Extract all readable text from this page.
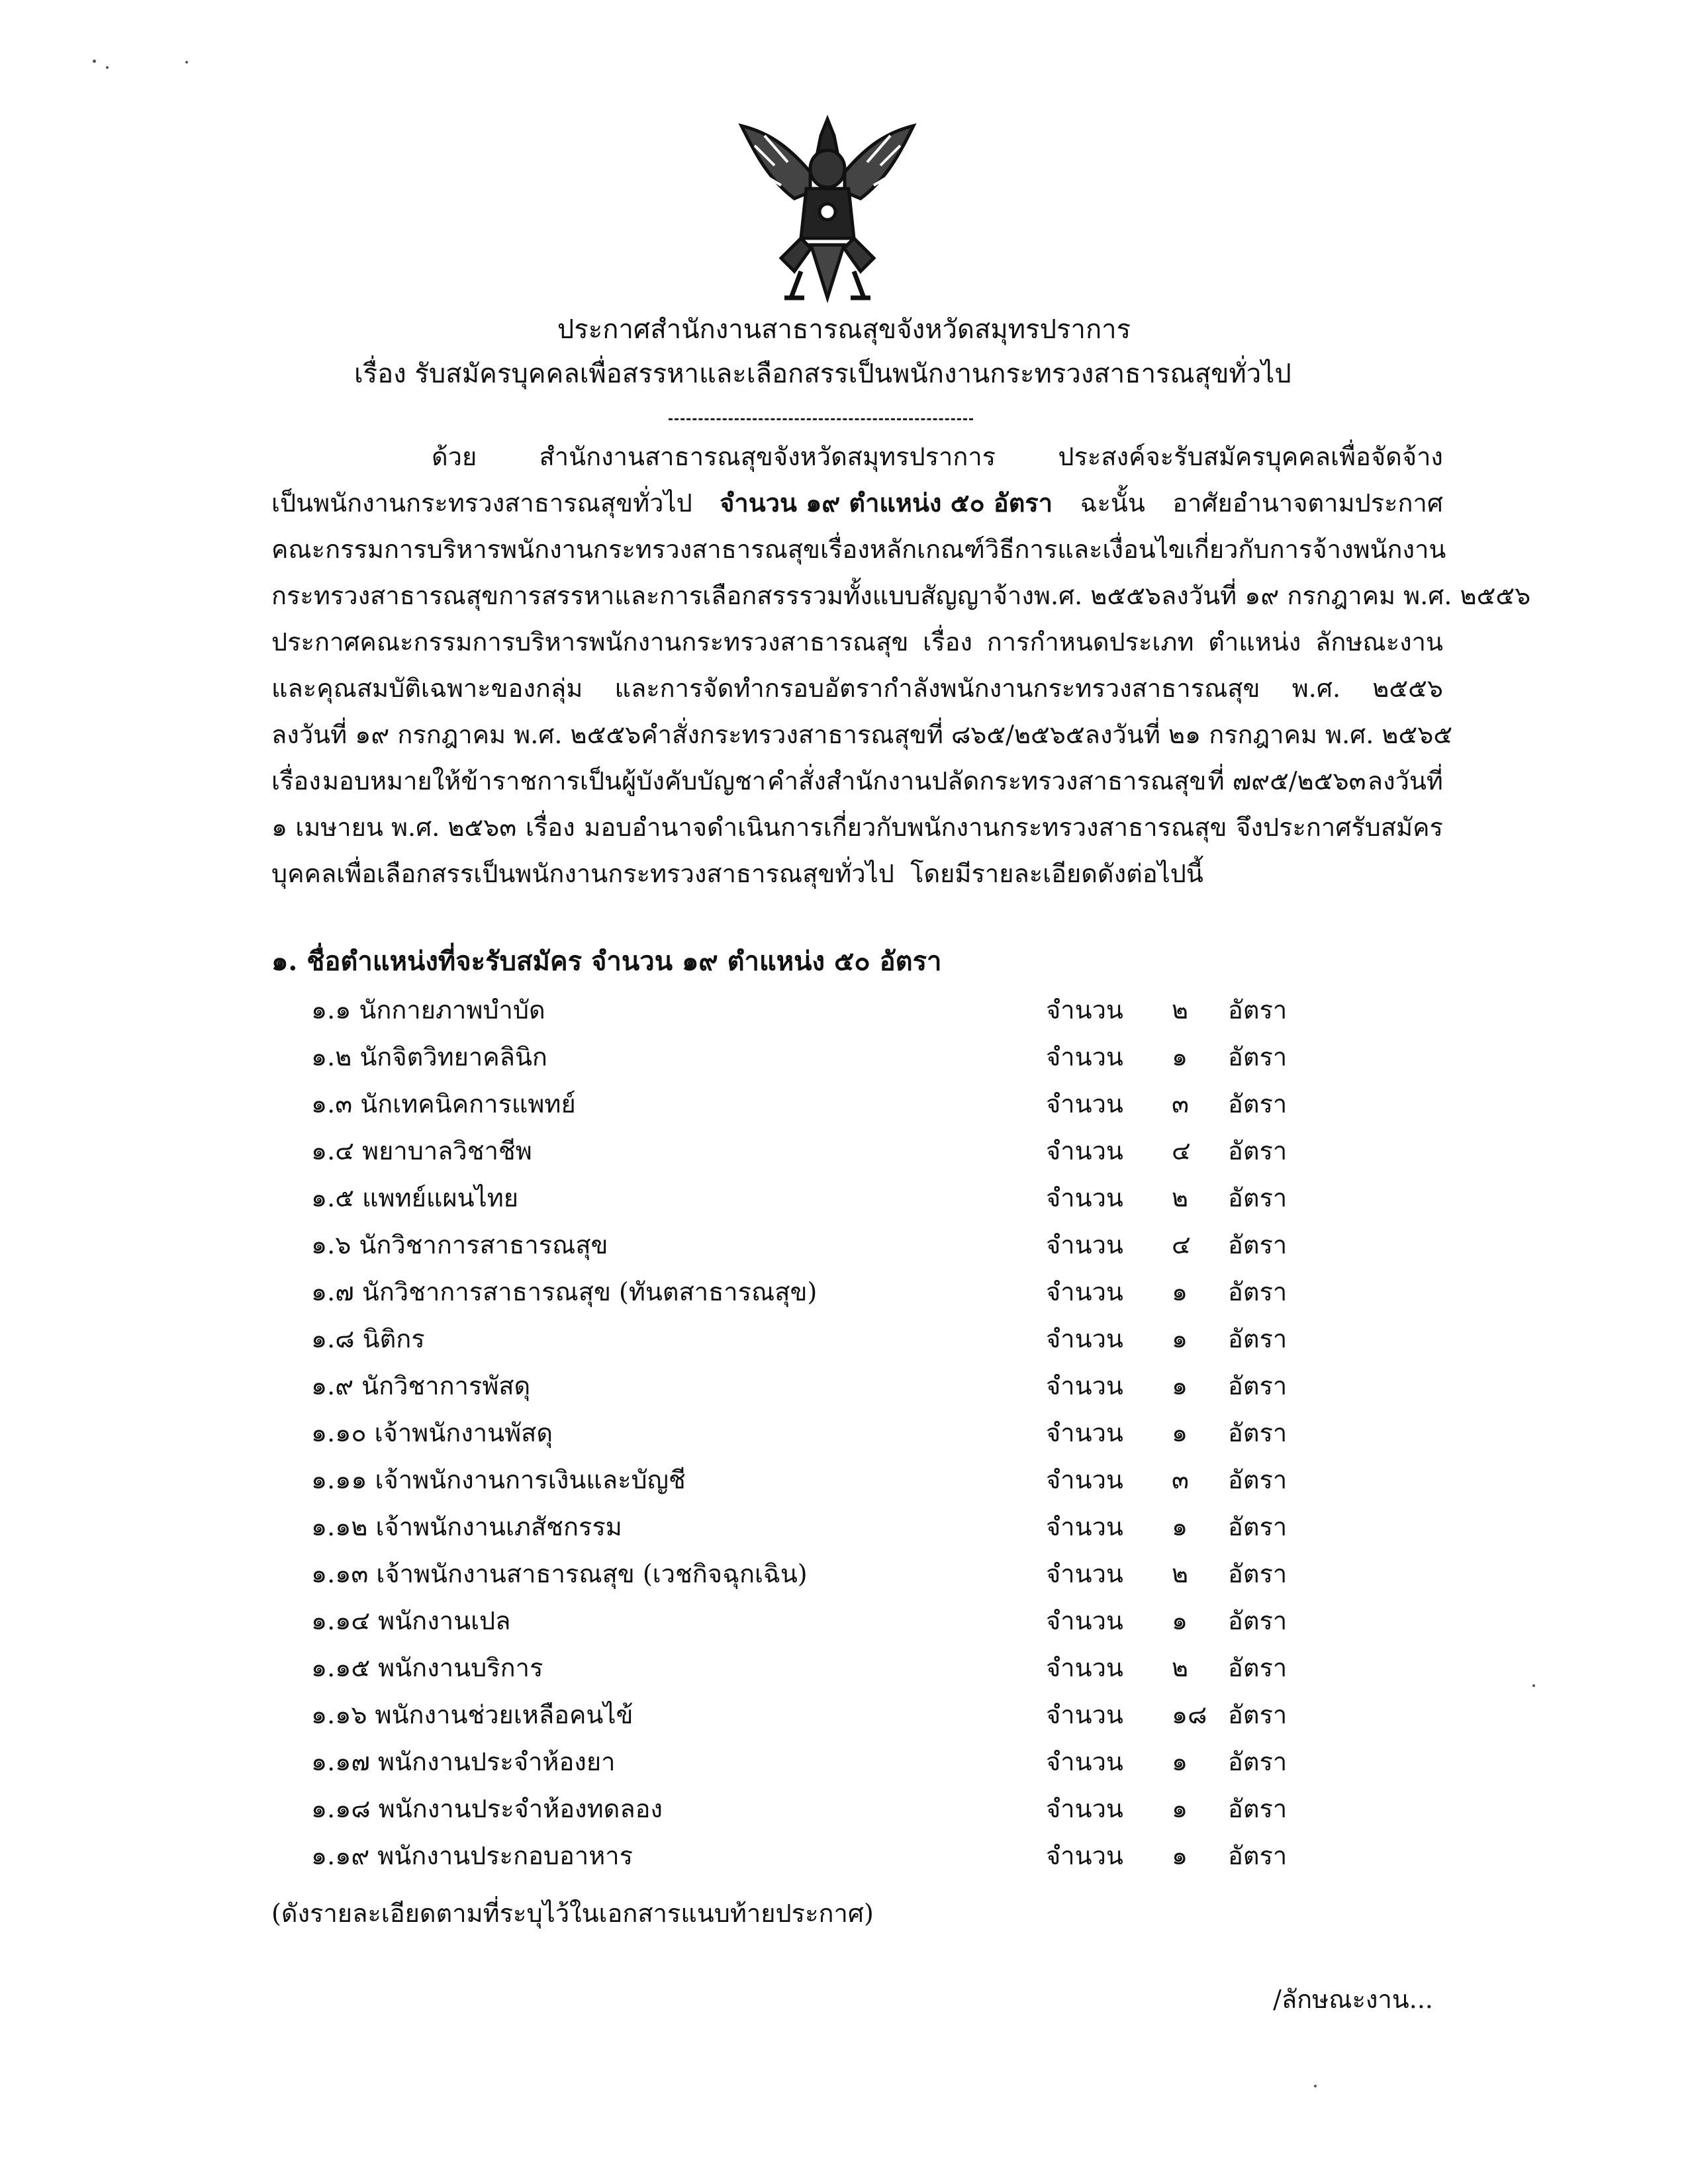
ประกาศสำนักงานสาธารณสุขจังหวัดสมุทรปราการ
เรื่อง รับสมัครบุคคลเพื่อสรรหาและเลือกสรรเป็นพนักงานกระทรวงสาธารณสุขทั่วไป
ด้วย สำนักงานสาธารณสุขจังหวัดสมุทรปราการ ประสงค์จะรับสมัครบุคคลเพื่อจัดจ้าง
เป็นพนักงานกระทรวงสาธารณสุขทั่วไป จำนวน ๑๙ ตำแหน่ง ๕๐ อัตรา ฉะนั้น อาศัยอำนาจตามประกาศ
คณะกรรมการบริหารพนักงานกระทรวงสาธารณสุข เรื่อง หลักเกณฑ์ วิธีการและเงื่อนไขเกี่ยวกับการจ้างพนักงาน
กระทรวงสาธารณสุข การสรรหาและการเลือกสรร รวมทั้งแบบสัญญาจ้าง พ.ศ. ๒๕๕๖ ลงวันที่ ๑๙ กรกฎาคม พ.ศ. ๒๕๕๖
ประกาศคณะกรรมการบริหารพนักงานกระทรวงสาธารณสุข เรื่อง การกำหนดประเภท ตำแหน่ง ลักษณะงาน
และคุณสมบัติเฉพาะของกลุ่ม และการจัดทำกรอบอัตรากำลังพนักงานกระทรวงสาธารณสุข พ.ศ. ๒๕๕๖
ลงวันที่ ๑๙ กรกฎาคม พ.ศ. ๒๕๕๖ คำสั่งกระทรวงสาธารณสุข ที่ ๘๖๕/๒๕๖๕ ลงวันที่ ๒๑ กรกฎาคม พ.ศ. ๒๕๖๕
เรื่อง มอบหมายให้ข้าราชการเป็นผู้บังคับบัญชา คำสั่งสำนักงานปลัดกระทรวงสาธารณสุข ที่ ๗๙๕/๒๕๖๓ ลงวันที่
๑ เมษายน พ.ศ. ๒๕๖๓ เรื่อง มอบอำนาจดำเนินการเกี่ยวกับพนักงานกระทรวงสาธารณสุข จึงประกาศรับสมัคร
บุคคลเพื่อเลือกสรรเป็นพนักงานกระทรวงสาธารณสุขทั่วไป  โดยมีรายละเอียดดังต่อไปนี้
๑. ชื่อตำแหน่งที่จะรับสมัคร จำนวน ๑๙ ตำแหน่ง ๕๐ อัตรา
๑.๑ นักกายภาพบำบัด	จำนวน ๒	อัตรา
๑.๒ นักจิตวิทยาคลินิก	จำนวน ๑	อัตรา
๑.๓ นักเทคนิคการแพทย์	จำนวน ๓	อัตรา
๑.๔ พยาบาลวิชาชีพ	จำนวน ๔	อัตรา
๑.๕ แพทย์แผนไทย	จำนวน ๒	อัตรา
๑.๖ นักวิชาการสาธารณสุข	จำนวน ๔	อัตรา
๑.๗ นักวิชาการสาธารณสุข (ทันตสาธารณสุข)	จำนวน ๑	อัตรา
๑.๘ นิติกร	จำนวน ๑	อัตรา
๑.๙ นักวิชาการพัสดุ	จำนวน ๑	อัตรา
๑.๑๐ เจ้าพนักงานพัสดุ	จำนวน ๑	อัตรา
๑.๑๑ เจ้าพนักงานการเงินและบัญชี	จำนวน ๓	อัตรา
๑.๑๒ เจ้าพนักงานเภสัชกรรม	จำนวน ๑	อัตรา
๑.๑๓ เจ้าพนักงานสาธารณสุข (เวชกิจฉุกเฉิน)	จำนวน ๒	อัตรา
๑.๑๔ พนักงานเปล	จำนวน ๑	อัตรา
๑.๑๕ พนักงานบริการ	จำนวน ๒	อัตรา
๑.๑๖ พนักงานช่วยเหลือคนไข้	จำนวน ๑๘ อัตรา
๑.๑๗ พนักงานประจำห้องยา	จำนวน ๑	อัตรา
๑.๑๘ พนักงานประจำห้องทดลอง	จำนวน ๑	อัตรา
๑.๑๙ พนักงานประกอบอาหาร	จำนวน ๑	อัตรา
(ดังรายละเอียดตามที่ระบุไว้ในเอกสารแนบท้ายประกาศ)
/ลักษณะงาน...
